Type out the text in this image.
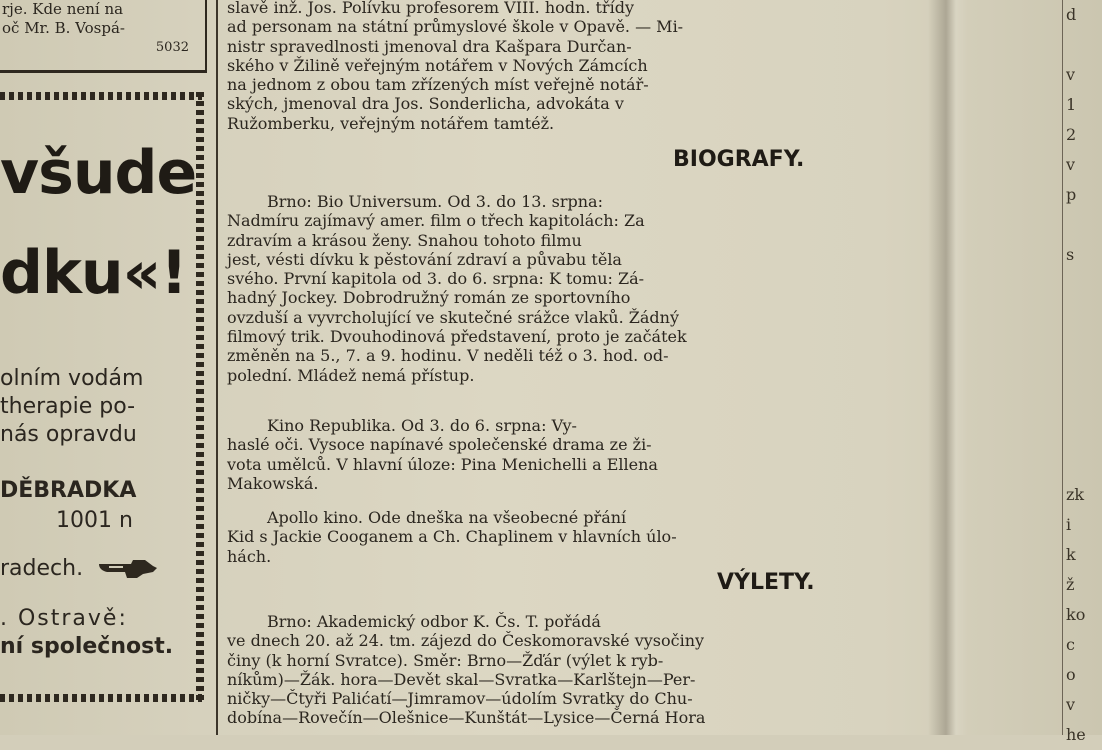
rje. Kde není na
oč Mr. B. Vospá-
5032
všude
dku«!
olním vodám
therapie po-
nás opravdu
DĚBRADKA
1001 n
radech.
. Ostravě:
ní společnost.
slavě inž. Jos. Polívku profesorem VIII. hodn. třídy
ad personam na státní průmyslové škole v Opavě. — Mi-
nistr spravedlnosti jmenoval dra Kašpara Durčan-
ského v Žilině veřejným notářem v Nových Zámcích
na jednom z obou tam zřízených míst veřejně notář-
ských, jmenoval dra Jos. Sonderlicha, advokáta v
Ružomberku, veřejným notářem tamtéž.
BIOGRAFY.
Brno: Bio Universum. Od 3. do 13. srpna:
Nadmíru zajímavý amer. film o třech kapitolách: Za
zdravím a krásou ženy. Snahou tohoto filmu
jest, vésti dívku k pěstování zdraví a půvabu těla
svého. První kapitola od 3. do 6. srpna: K tomu: Zá-
hadný Jockey. Dobrodružný román ze sportovního
ovzduší a vyvrcholující ve skutečné srážce vlaků. Žádný
filmový trik. Dvouhodinová představení, proto je začátek
změněn na 5., 7. a 9. hodinu. V neděli též o 3. hod. od-
polední. Mládež nemá přístup.
Kino Republika. Od 3. do 6. srpna: Vy-
haslé oči. Vysoce napínavé společenské drama ze ži-
vota umělců. V hlavní úloze: Pina Menichelli a Ellena
Makowská.
Apollo kino. Ode dneška na všeobecné přání
Kid s Jackie Cooganem a Ch. Chaplinem v hlavních úlo-
hách.
VÝLETY.
Brno: Akademický odbor K. Čs. T. pořádá
ve dnech 20. až 24. tm. zájezd do Českomoravské vysočiny
činy (k horní Svratce). Směr: Brno—Žďár (výlet k ryb-
níkům)—Žák. hora—Devět skal—Svratka—Karlštejn—Per-
ničky—Čtyři Palićatí—Jimramov—údolím Svratky do Chu-
dobína—Rovečín—Olešnice—Kunštát—Lysice—Černá Hora
d

v
1
2
v
p

s

zk
i
k
ž
ko
c
o
v
he
